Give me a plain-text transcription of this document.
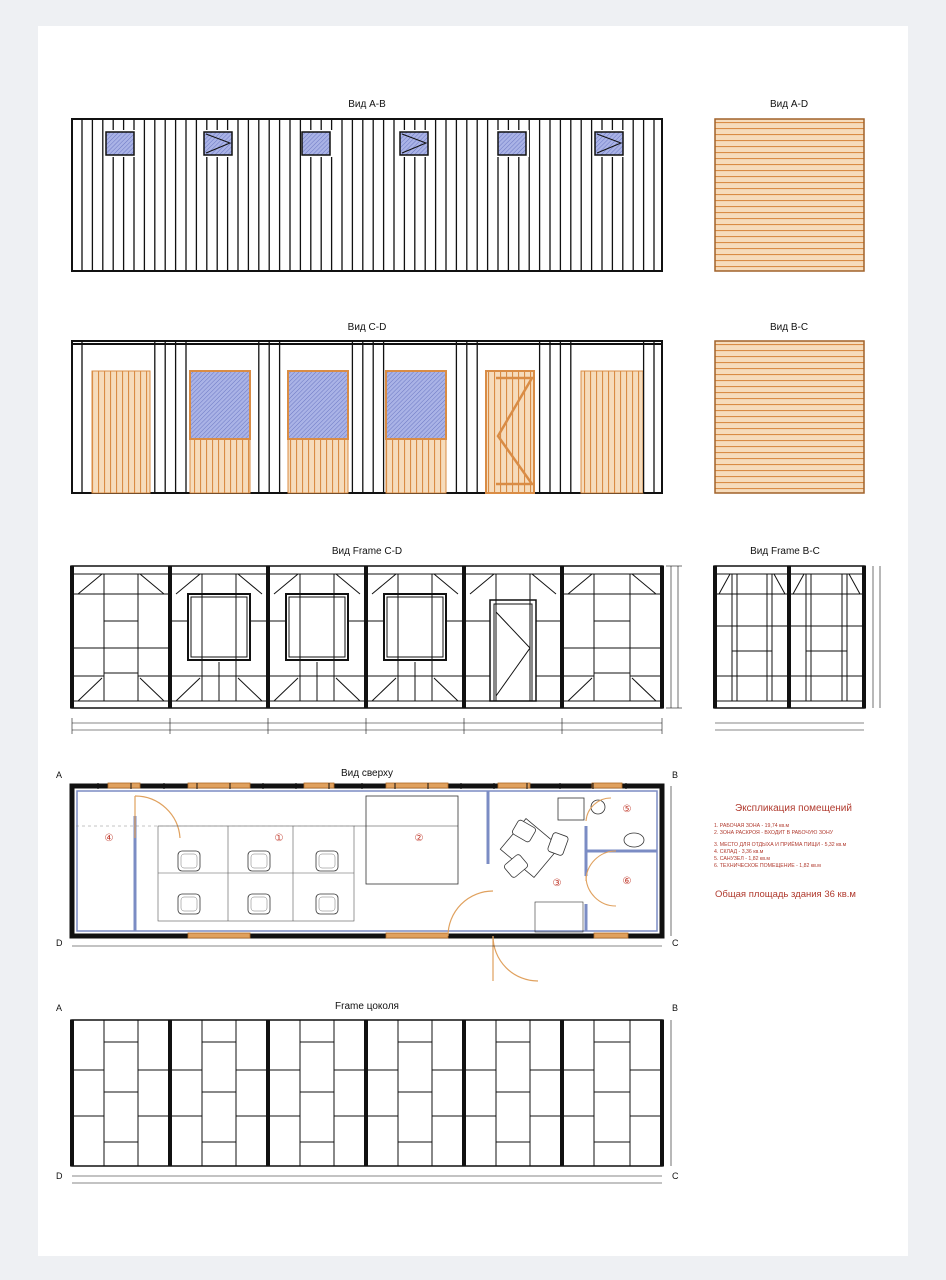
Вид A-B	Вид A-D
Вид C-D	Вид B-C
Вид Frame C-D	Вид Frame B-C
Вид сверху
A	B
D	C
④	①	②
③
⑤
⑥
Экспликация помещений
1. РАБОЧАЯ ЗОНА - 19,74 кв.м
2. ЗОНА РАСКРОЯ - ВХОДИТ В РАБОЧУЮ ЗОНУ
3. МЕСТО ДЛЯ ОТДЫХА И ПРИЁМА ПИЩИ - 5,32 кв.м
4. СКЛАД - 3,36 кв.м
5. САНУЗЕЛ - 1,82 кв.м
6. ТЕХНИЧЕСКОЕ ПОМЕЩЕНИЕ - 1,82 кв.м
Общая площадь здания 36 кв.м
Frame цоколя
A	B
D	C
